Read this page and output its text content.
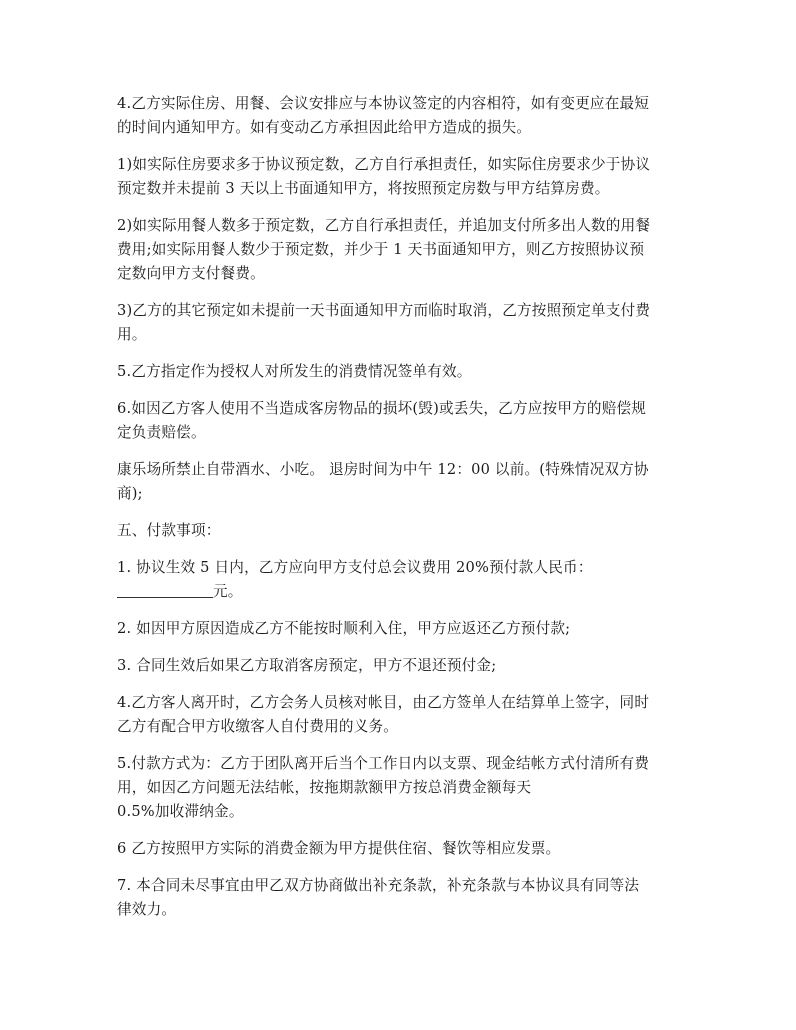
4.乙方实际住房、用餐、会议安排应与本协议签定的内容相符，如有变更应在最短
的时间内通知甲方。如有变动乙方承担因此给甲方造成的损失。

1)如实际住房要求多于协议预定数，乙方自行承担责任，如实际住房要求少于协议
预定数并未提前 3 天以上书面通知甲方，将按照预定房数与甲方结算房费。

2)如实际用餐人数多于预定数，乙方自行承担责任，并追加支付所多出人数的用餐
费用;如实际用餐人数少于预定数，并少于 1 天书面通知甲方，则乙方按照协议预
定数向甲方支付餐费。

3)乙方的其它预定如未提前一天书面通知甲方而临时取消，乙方按照预定单支付费
用。

5.乙方指定作为授权人对所发生的消费情况签单有效。

6.如因乙方客人使用不当造成客房物品的损坏(毁)或丢失，乙方应按甲方的赔偿规
定负责赔偿。

康乐场所禁止自带酒水、小吃。 退房时间为中午 12：00 以前。(特殊情况双方协
商);

五、付款事项：

1. 协议生效 5 日内，乙方应向甲方支付总会议费用 20%预付款人民币：
元。

2. 如因甲方原因造成乙方不能按时顺利入住，甲方应返还乙方预付款;

3. 合同生效后如果乙方取消客房预定，甲方不退还预付金;

4.乙方客人离开时，乙方会务人员核对帐目，由乙方签单人在结算单上签字，同时
乙方有配合甲方收缴客人自付费用的义务。

5.付款方式为：乙方于团队离开后当个工作日内以支票、现金结帐方式付清所有费
用，如因乙方问题无法结帐，按拖期款额甲方按总消费金额每天
0.5%加收滞纳金。

6 乙方按照甲方实际的消费金额为甲方提供住宿、餐饮等相应发票。

7. 本合同未尽事宜由甲乙双方协商做出补充条款，补充条款与本协议具有同等法
律效力。
